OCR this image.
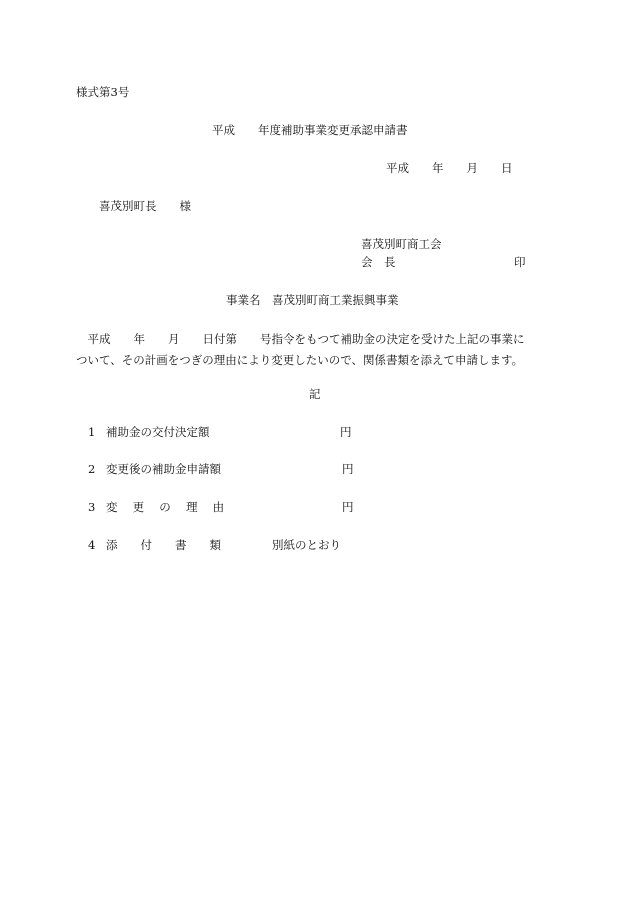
様式第3号
平成　　年度補助事業変更承認申請書
平成　　年　　月　　日
喜茂別町長　　様
喜茂別町商工会
会　長	印
事業名　喜茂別町商工業振興事業
　平成　　年　　月　　日付第　　号指令をもつて補助金の決定を受けた上記の事業に
ついて、その計画をつぎの理由により変更したいので、関係書類を添えて申請します。
記
1 補助金の交付決定額	円
2 変更後の補助金申請額	円
3 変　 更　 の　 理　 由	円
4 添　　付　　書　　類	別紙のとおり
